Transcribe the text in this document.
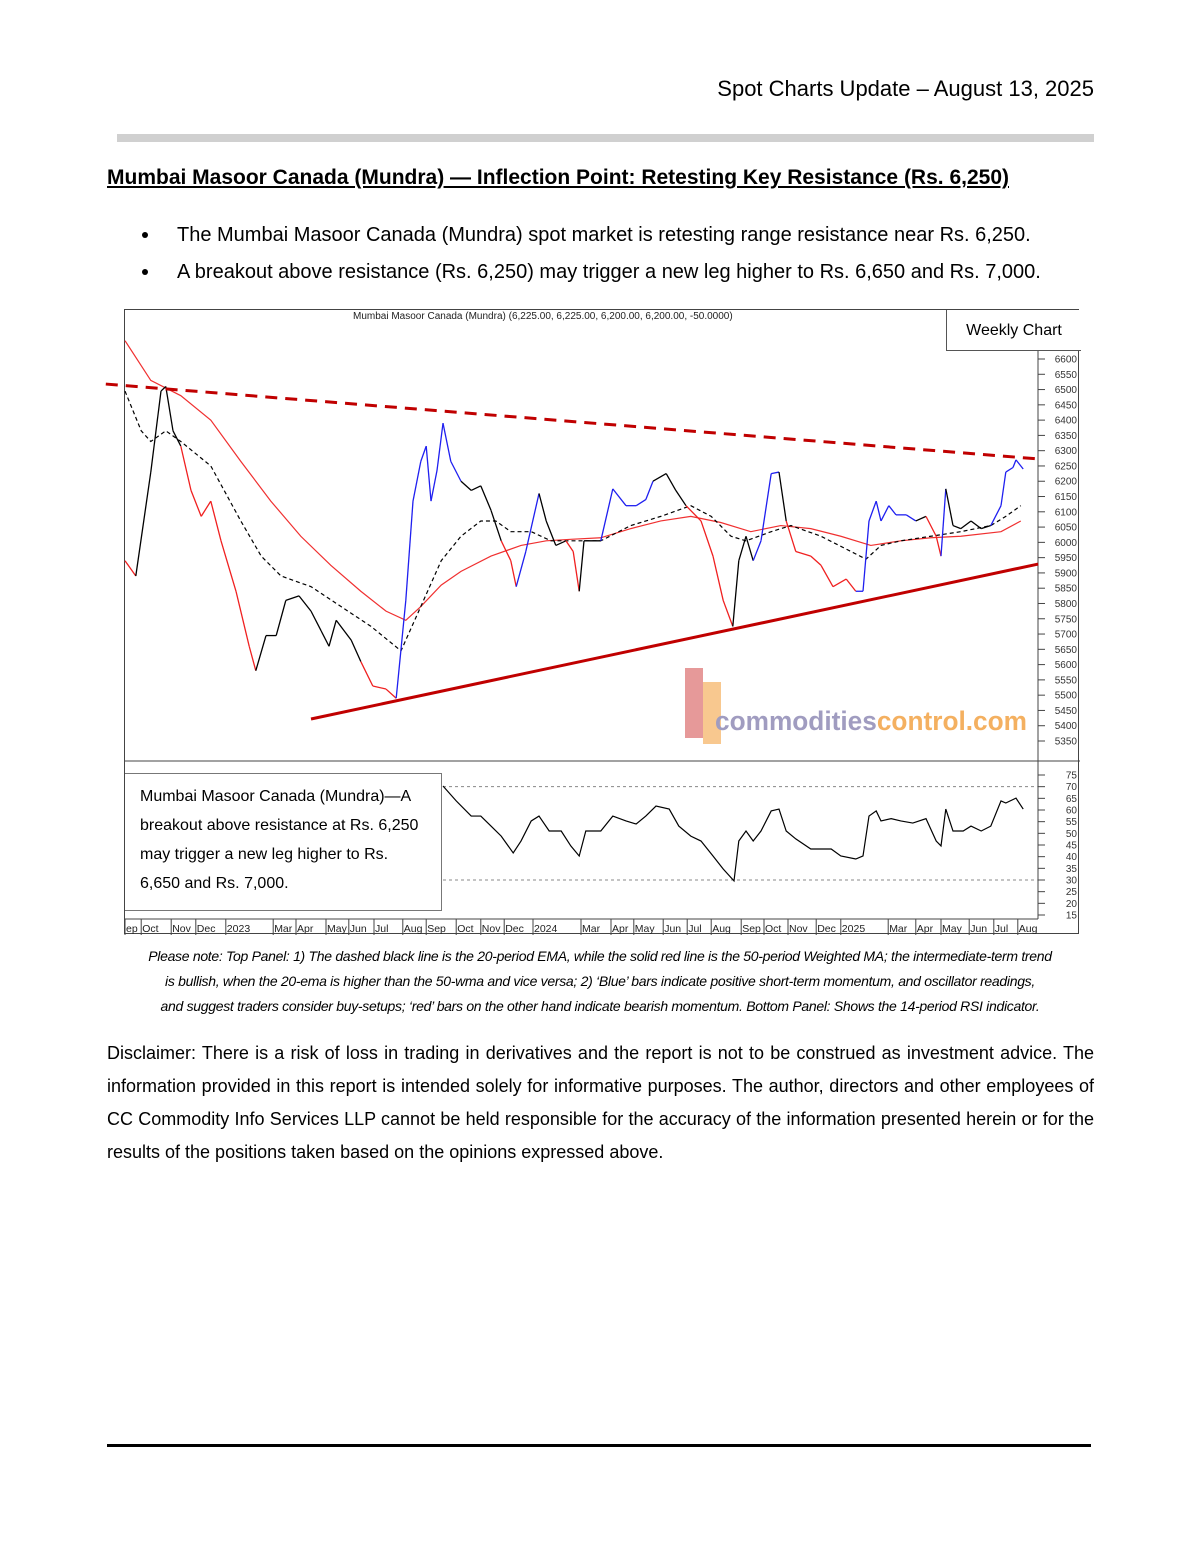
Spot Charts Update – August 13, 2025
Mumbai Masoor Canada (Mundra) — Inflection Point: Retesting Key Resistance (Rs. 6,250)
The Mumbai Masoor Canada (Mundra) spot market is retesting range resistance near Rs. 6,250.
A breakout above resistance (Rs. 6,250) may trigger a new leg higher to Rs. 6,650 and Rs. 7,000.
Mumbai Masoor Canada (Mundra) (6,225.00, 6,225.00, 6,200.00, 6,200.00, -50.0000)
commoditiescontrol.com
6600
6550
6500
6450
6400
6350
6300
6250
6200
6150
6100
6050
6000
5950
5900
5850
5800
5750
5700
5650
5600
5550
5500
5450
5400
5350
75
70
65
60
55
50
45
40
35
30
25
20
15
ep Oct Nov Dec 2023 Mar Apr May Jun Jul Aug Sep Oct Nov Dec 2024 Mar Apr May Jun Jul Aug Sep Oct Nov Dec 2025 Mar Apr May Jun Jul Aug
Weekly Chart
Mumbai Masoor Canada (Mundra)—A breakout above resistance at Rs. 6,250 may trigger a new leg higher to Rs. 6,650 and Rs. 7,000.
Please note: Top Panel: 1) The dashed black line is the 20-period EMA, while the solid red line is the 50-period Weighted MA; the intermediate-term trend
is bullish, when the 20-ema is higher than the 50-wma and vice versa; 2) ‘Blue’ bars indicate positive short-term momentum, and oscillator readings,
and suggest traders consider buy-setups; ‘red’ bars on the other hand indicate bearish momentum. Bottom Panel: Shows the 14-period RSI indicator.
Disclaimer: There is a risk of loss in trading in derivatives and the report is not to be construed as investment advice. The information provided in this report is intended solely for informative purposes. The author, directors and other employees of CC Commodity Info Services LLP cannot be held responsible for the accuracy of the information presented herein or for the results of the positions taken based on the opinions expressed above.
